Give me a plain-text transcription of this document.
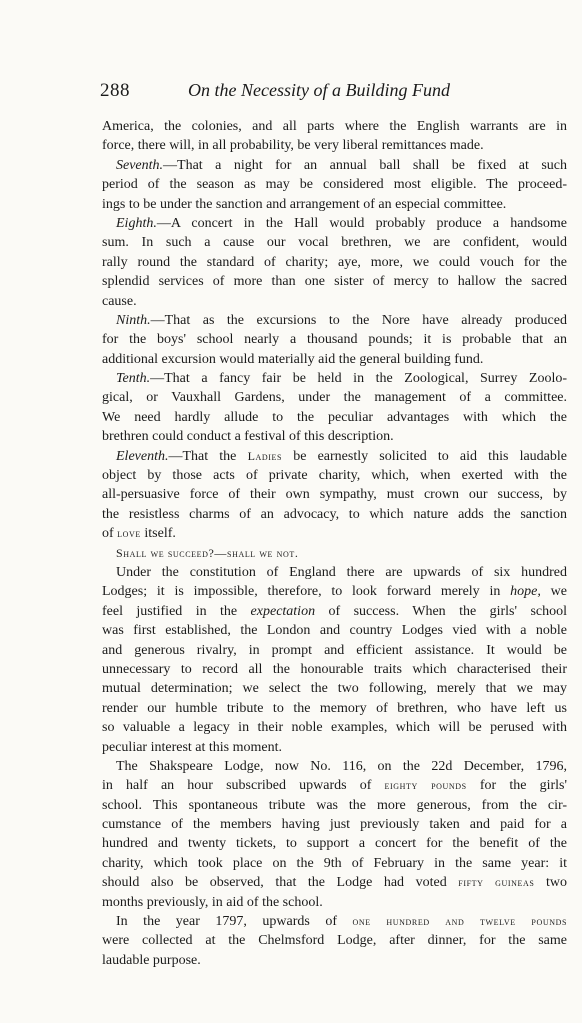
288	On the Necessity of a Building Fund
America, the colonies, and all parts where the English warrants are in
force, there will, in all probability, be very liberal remittances made.
Seventh.—That a night for an annual ball shall be fixed at such
period of the season as may be considered most eligible. The proceed-
ings to be under the sanction and arrangement of an especial committee.
Eighth.—A concert in the Hall would probably produce a handsome
sum. In such a cause our vocal brethren, we are confident, would
rally round the standard of charity; aye, more, we could vouch for the
splendid services of more than one sister of mercy to hallow the sacred
cause.
Ninth.—That as the excursions to the Nore have already produced
for the boys' school nearly a thousand pounds; it is probable that an
additional excursion would materially aid the general building fund.
Tenth.—That a fancy fair be held in the Zoological, Surrey Zoolo-
gical, or Vauxhall Gardens, under the management of a committee.
We need hardly allude to the peculiar advantages with which the
brethren could conduct a festival of this description.
Eleventh.—That the Ladies be earnestly solicited to aid this laudable
object by those acts of private charity, which, when exerted with the
all-persuasive force of their own sympathy, must crown our success, by
the resistless charms of an advocacy, to which nature adds the sanction
of love itself.
Shall we succeed?—shall we not.
Under the constitution of England there are upwards of six hundred
Lodges; it is impossible, therefore, to look forward merely in hope, we
feel justified in the expectation of success. When the girls' school
was first established, the London and country Lodges vied with a noble
and generous rivalry, in prompt and efficient assistance. It would be
unnecessary to record all the honourable traits which characterised their
mutual determination; we select the two following, merely that we may
render our humble tribute to the memory of brethren, who have left us
so valuable a legacy in their noble examples, which will be perused with
peculiar interest at this moment.
The Shakspeare Lodge, now No. 116, on the 22d December, 1796,
in half an hour subscribed upwards of eighty pounds for the girls'
school. This spontaneous tribute was the more generous, from the cir-
cumstance of the members having just previously taken and paid for a
hundred and twenty tickets, to support a concert for the benefit of the
charity, which took place on the 9th of February in the same year: it
should also be observed, that the Lodge had voted fifty guineas two
months previously, in aid of the school.
In the year 1797, upwards of one hundred and twelve pounds
were collected at the Chelmsford Lodge, after dinner, for the same
laudable purpose.
